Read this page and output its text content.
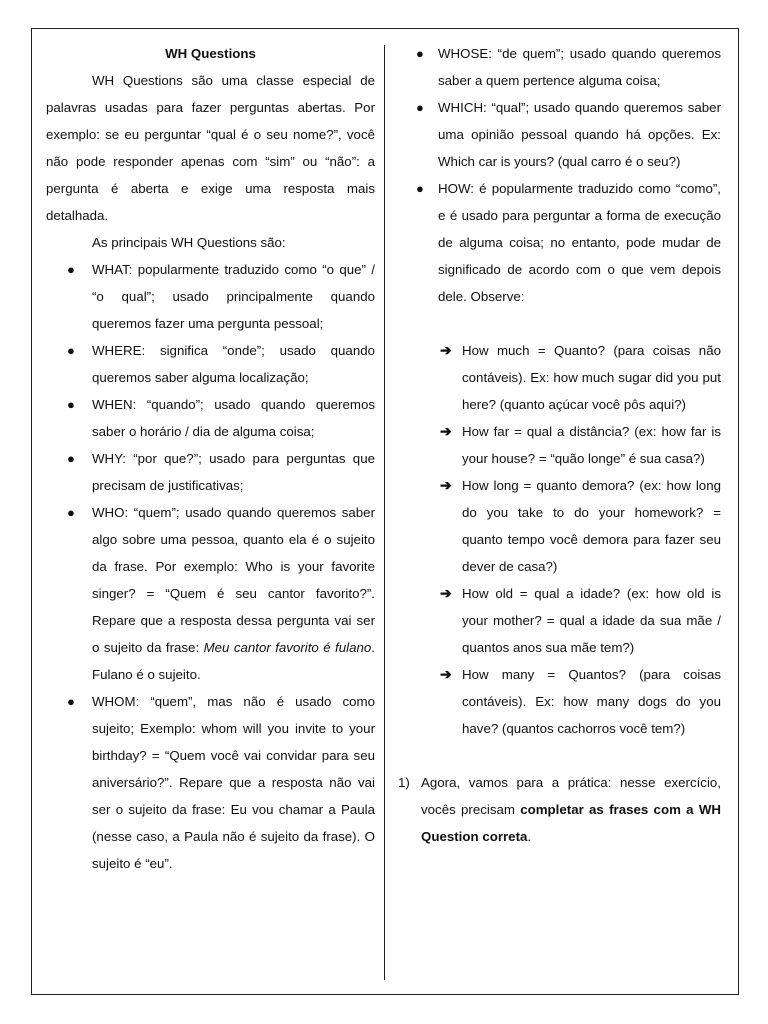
WH Questions

WH Questions são uma classe especial de palavras usadas para fazer perguntas abertas. Por exemplo: se eu perguntar “qual é o seu nome?”, você não pode responder apenas com “sim” ou “não”: a pergunta é aberta e exige uma resposta mais detalhada.

As principais WH Questions são:

● WHAT: popularmente traduzido como “o que” / “o qual”; usado principalmente quando queremos fazer uma pergunta pessoal;
● WHERE: significa “onde”; usado quando queremos saber alguma localização;
● WHEN: “quando”; usado quando queremos saber o horário / dia de alguma coisa;
● WHY: “por que?”; usado para perguntas que precisam de justificativas;
● WHO: “quem”; usado quando queremos saber algo sobre uma pessoa, quanto ela é o sujeito da frase. Por exemplo: Who is your favorite singer? = “Quem é seu cantor favorito?”. Repare que a resposta dessa pergunta vai ser o sujeito da frase: Meu cantor favorito é fulano. Fulano é o sujeito.
● WHOM: “quem”, mas não é usado como sujeito; Exemplo: whom will you invite to your birthday? = “Quem você vai convidar para seu aniversário?”. Repare que a resposta não vai ser o sujeito da frase: Eu vou chamar a Paula (nesse caso, a Paula não é sujeito da frase). O sujeito é “eu”.
● WHOSE: “de quem”; usado quando queremos saber a quem pertence alguma coisa;
● WHICH: “qual”; usado quando queremos saber uma opinião pessoal quando há opções. Ex: Which car is yours? (qual carro é o seu?)
● HOW: é popularmente traduzido como “como”, e é usado para perguntar a forma de execução de alguma coisa; no entanto, pode mudar de significado de acordo com o que vem depois dele. Observe:
➔ How much = Quanto? (para coisas não contáveis). Ex: how much sugar did you put here? (quanto açúcar você pôs aqui?)
➔ How far = qual a distância? (ex: how far is your house? = “quão longe” é sua casa?)
➔ How long = quanto demora? (ex: how long do you take to do your homework? = quanto tempo você demora para fazer seu dever de casa?)
➔ How old = qual a idade? (ex: how old is your mother? = qual a idade da sua mãe / quantos anos sua mãe tem?)
➔ How many = Quantos? (para coisas contáveis). Ex: how many dogs do you have? (quantos cachorros você tem?)

1) Agora, vamos para a prática: nesse exercício, vocês precisam completar as frases com a WH Question correta.
